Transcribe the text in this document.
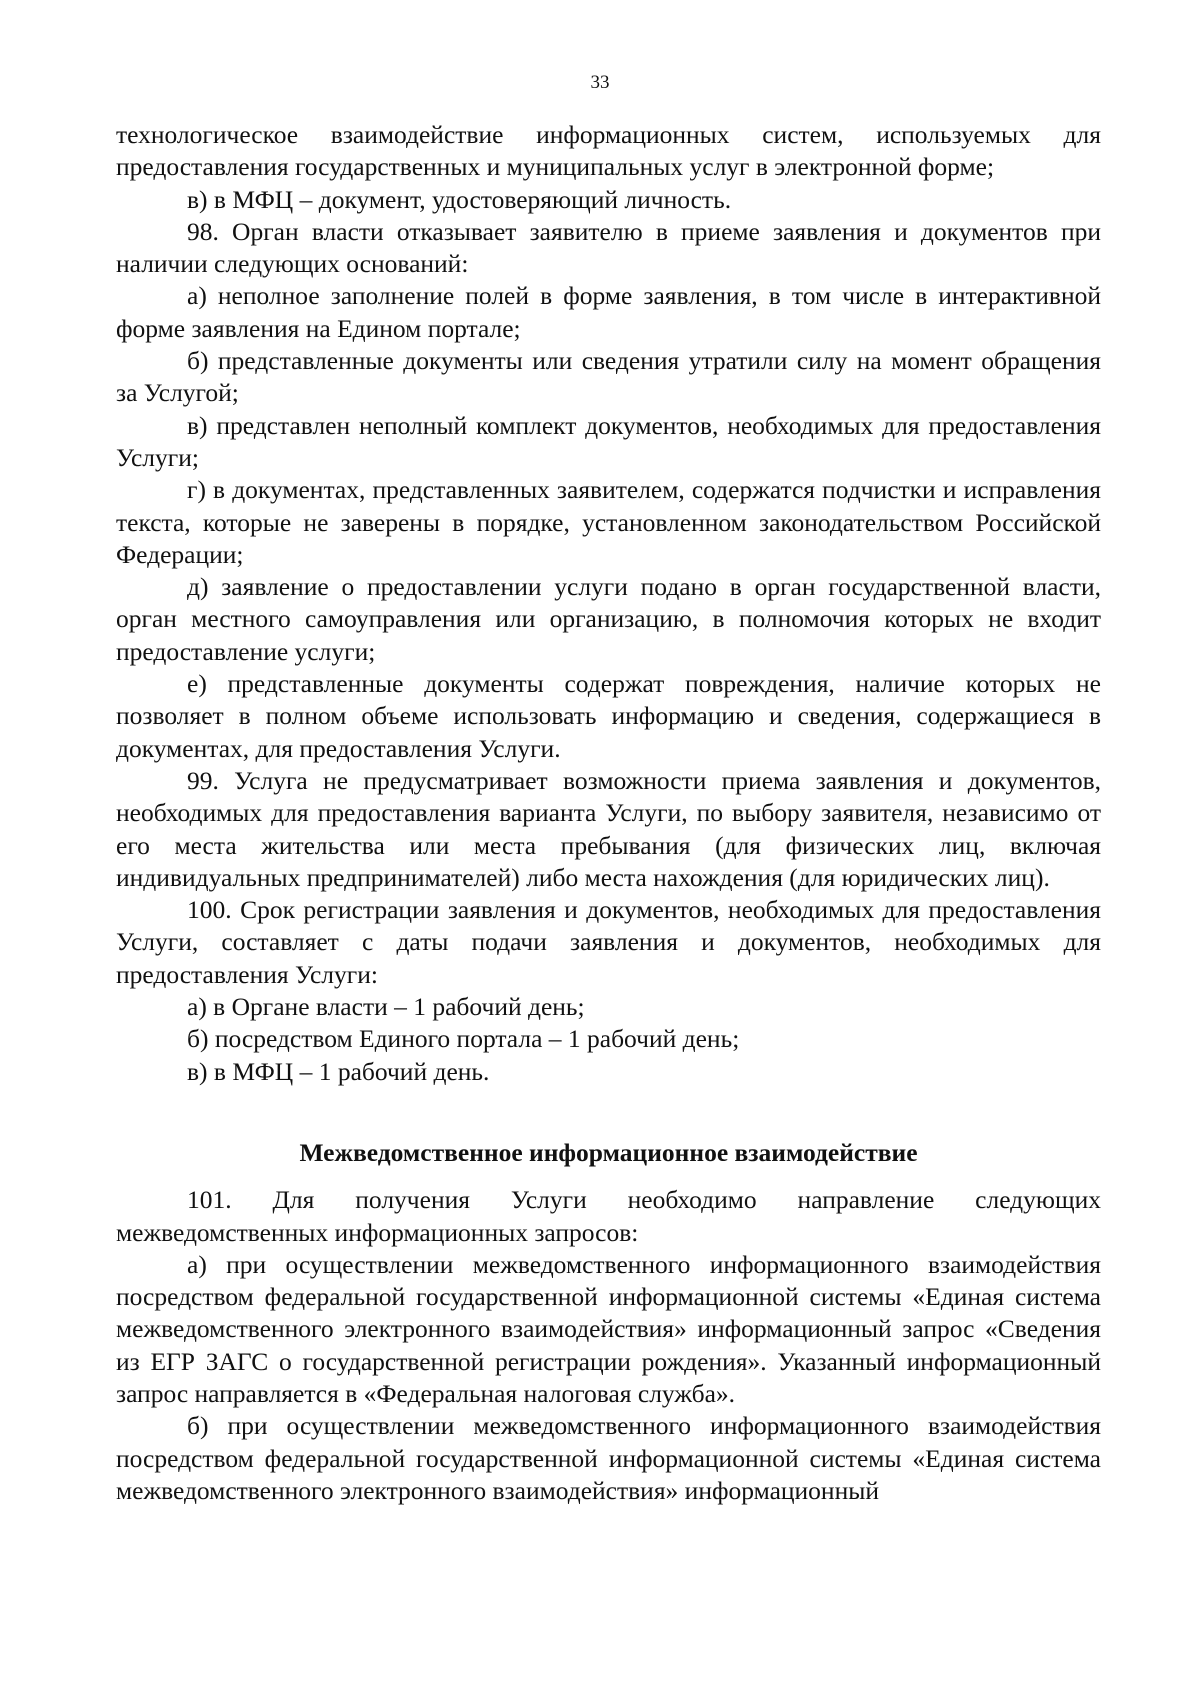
33

технологическое взаимодействие информационных систем, используемых для предоставления государственных и муниципальных услуг в электронной форме;

в) в МФЦ – документ, удостоверяющий личность.

98. Орган власти отказывает заявителю в приеме заявления и документов при наличии следующих оснований:

а) неполное заполнение полей в форме заявления, в том числе в интерактивной форме заявления на Едином портале;

б) представленные документы или сведения утратили силу на момент обращения за Услугой;

в) представлен неполный комплект документов, необходимых для предоставления Услуги;

г) в документах, представленных заявителем, содержатся подчистки и исправления текста, которые не заверены в порядке, установленном законодательством Российской Федерации;

д) заявление о предоставлении услуги подано в орган государственной власти, орган местного самоуправления или организацию, в полномочия которых не входит предоставление услуги;

е) представленные документы содержат повреждения, наличие которых не позволяет в полном объеме использовать информацию и сведения, содержащиеся в документах, для предоставления Услуги.

99. Услуга не предусматривает возможности приема заявления и документов, необходимых для предоставления варианта Услуги, по выбору заявителя, независимо от его места жительства или места пребывания (для физических лиц, включая индивидуальных предпринимателей) либо места нахождения (для юридических лиц).

100. Срок регистрации заявления и документов, необходимых для предоставления Услуги, составляет с даты подачи заявления и документов, необходимых для предоставления Услуги:

а) в Органе власти – 1 рабочий день;

б) посредством Единого портала – 1 рабочий день;

в) в МФЦ – 1 рабочий день.

Межведомственное информационное взаимодействие

101. Для получения Услуги необходимо направление следующих межведомственных информационных запросов:

а) при осуществлении межведомственного информационного взаимодействия посредством федеральной государственной информационной системы «Единая система межведомственного электронного взаимодействия» информационный запрос «Сведения из ЕГР ЗАГС о государственной регистрации рождения». Указанный информационный запрос направляется в «Федеральная налоговая служба».

б) при осуществлении межведомственного информационного взаимодействия посредством федеральной государственной информационной системы «Единая система межведомственного электронного взаимодействия» информационный
